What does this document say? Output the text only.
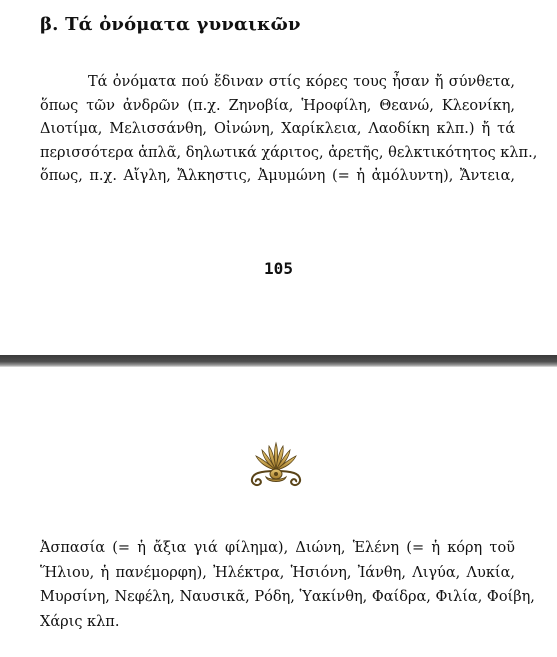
β. Τά ὀνόματα γυναικῶν
Τά ὀνόματα πού ἔδιναν στίς κόρες τους ἦσαν ἤ σύνθετα,
ὅπως τῶν ἀνδρῶν (π.χ. Ζηνοβία, Ἡροφίλη, Θεανώ, Κλεονίκη,
Διοτίμα, Μελισσάνθη, Οἰνώνη, Χαρίκλεια, Λαοδίκη κλπ.) ἤ τά
περισσότερα ἁπλᾶ, δηλωτικά χάριτος, ἀρετῆς, θελκτικότητος κλπ.,
ὅπως, π.χ. Αἴγλη, Ἄλκηστις, Ἀμυμώνη (= ἡ ἀμόλυντη), Ἄντεια,
105
Ἀσπασία (= ἡ ἄξια γιά φίλημα), Διώνη, Ἑλένη (= ἡ κόρη τοῦ
Ἥλιου, ἡ πανέμορφη), Ἠλέκτρα, Ἡσιόνη, Ἰάνθη, Λιγύα, Λυκία,
Μυρσίνη, Νεφέλη, Ναυσικᾶ, Ρόδη, Ὑακίνθη, Φαίδρα, Φιλία, Φοίβη,
Χάρις κλπ.
